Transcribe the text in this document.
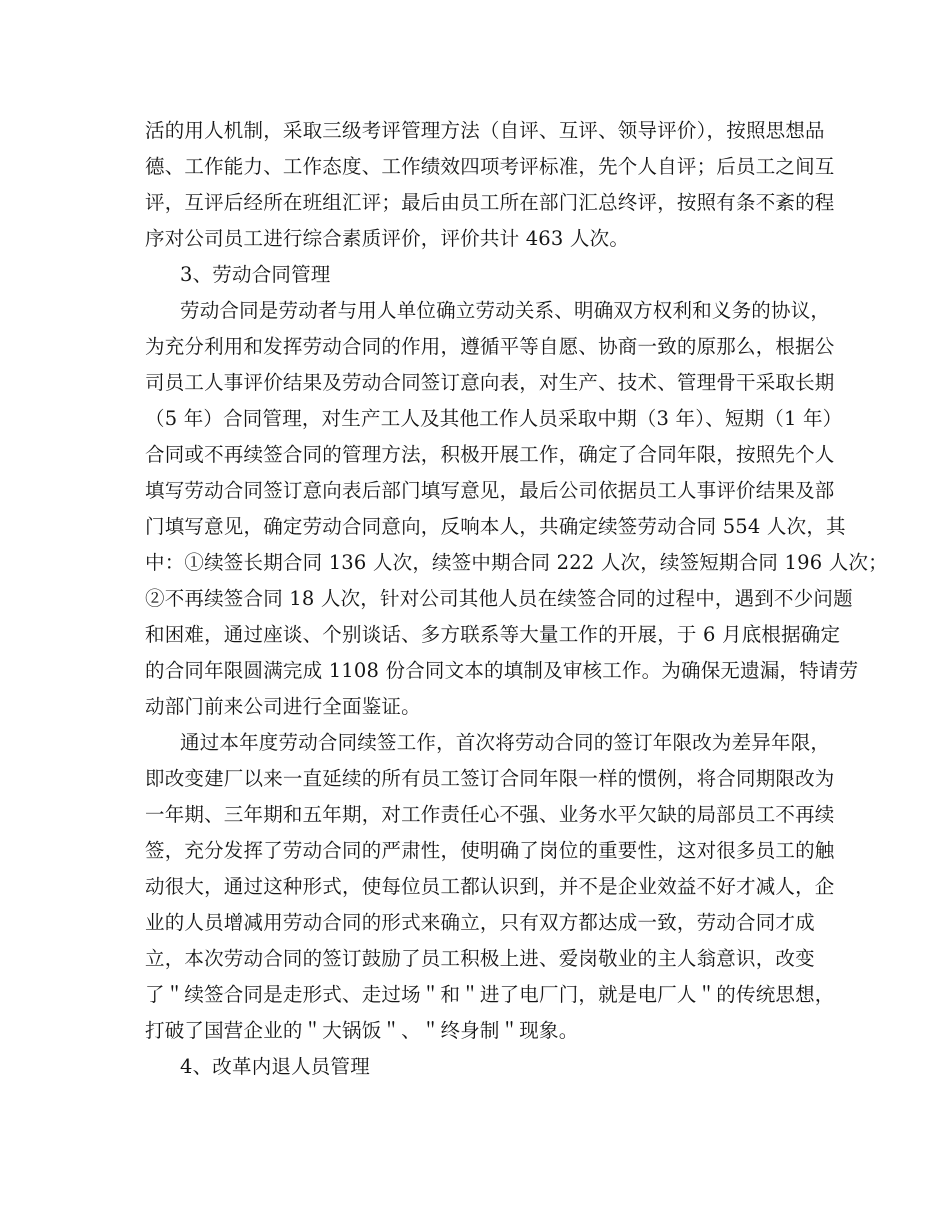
活的用人机制，采取三级考评管理方法（自评、互评、领导评价），按照思想品
德、工作能力、工作态度、工作绩效四项考评标准，先个人自评；后员工之间互
评，互评后经所在班组汇评；最后由员工所在部门汇总终评，按照有条不紊的程
序对公司员工进行综合素质评价，评价共计 463 人次。
3、劳动合同管理
劳动合同是劳动者与用人单位确立劳动关系、明确双方权利和义务的协议，
为充分利用和发挥劳动合同的作用，遵循平等自愿、协商一致的原那么，根据公
司员工人事评价结果及劳动合同签订意向表，对生产、技术、管理骨干采取长期
（5 年）合同管理，对生产工人及其他工作人员采取中期（3 年）、短期（1 年）
合同或不再续签合同的管理方法，积极开展工作，确定了合同年限，按照先个人
填写劳动合同签订意向表后部门填写意见，最后公司依据员工人事评价结果及部
门填写意见，确定劳动合同意向，反响本人，共确定续签劳动合同 554 人次，其
中：①续签长期合同 136 人次，续签中期合同 222 人次，续签短期合同 196 人次；
②不再续签合同 18 人次，针对公司其他人员在续签合同的过程中，遇到不少问题
和困难，通过座谈、个别谈话、多方联系等大量工作的开展，于 6 月底根据确定
的合同年限圆满完成 1108 份合同文本的填制及审核工作。为确保无遗漏，特请劳
动部门前来公司进行全面鉴证。
通过本年度劳动合同续签工作，首次将劳动合同的签订年限改为差异年限，
即改变建厂以来一直延续的所有员工签订合同年限一样的惯例，将合同期限改为
一年期、三年期和五年期，对工作责任心不强、业务水平欠缺的局部员工不再续
签，充分发挥了劳动合同的严肃性，使明确了岗位的重要性，这对很多员工的触
动很大，通过这种形式，使每位员工都认识到，并不是企业效益不好才减人，企
业的人员增减用劳动合同的形式来确立，只有双方都达成一致，劳动合同才成
立，本次劳动合同的签订鼓励了员工积极上进、爱岗敬业的主人翁意识，改变
了＂续签合同是走形式、走过场＂和＂进了电厂门，就是电厂人＂的传统思想，
打破了国营企业的＂大锅饭＂、＂终身制＂现象。
4、改革内退人员管理
